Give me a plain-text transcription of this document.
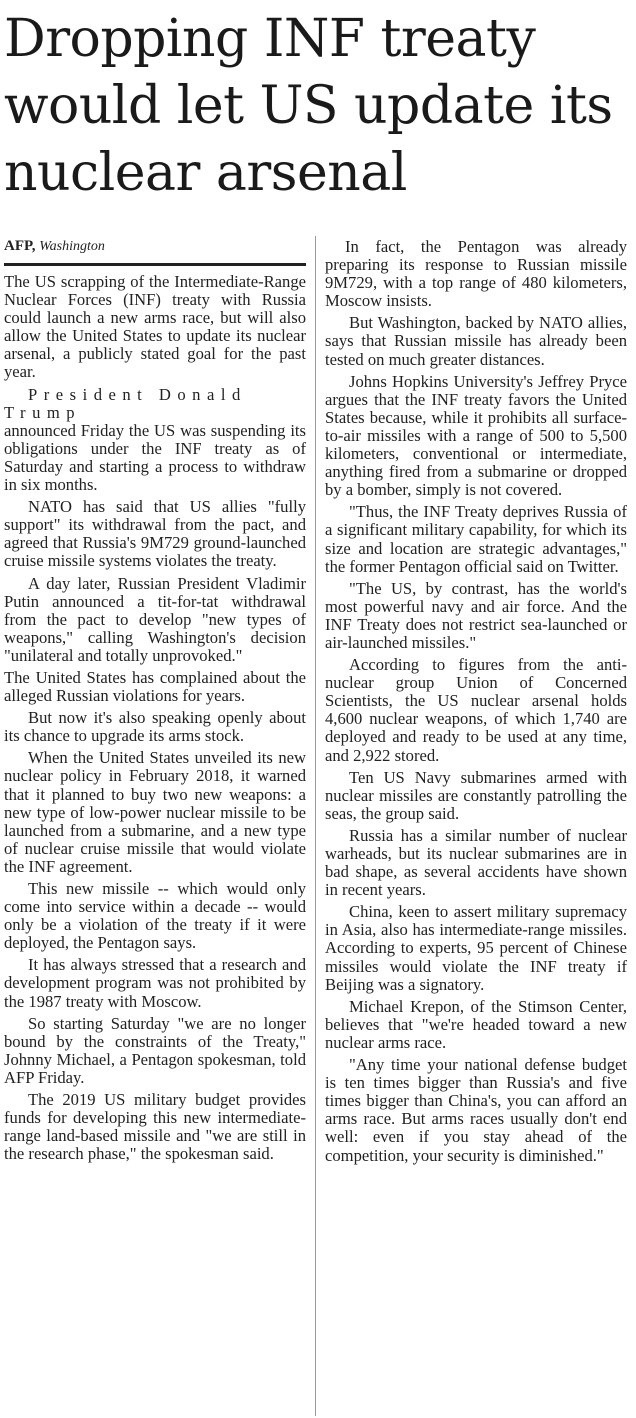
Dropping INF treaty would let US update its nuclear arsenal
AFP, Washington

The US scrapping of the Intermediate-Range Nuclear Forces (INF) treaty with Russia could launch a new arms race, but will also allow the United States to update its nuclear arsenal, a publicly stated goal for the past year.

President Donald Trump

announced Friday the US was suspending its obligations under the INF treaty as of Saturday and starting a process to withdraw in six months.

NATO has said that US allies "fully support" its withdrawal from the pact, and agreed that Russia's 9M729 ground-launched cruise missile systems violates the treaty.

A day later, Russian President Vladimir Putin announced a tit-for-tat withdrawal from the pact to develop "new types of weapons," calling Washington's decision "unilateral and totally unprovoked."

The United States has complained about the alleged Russian violations for years.

But now it's also speaking openly about its chance to upgrade its arms stock.

When the United States unveiled its new nuclear policy in February 2018, it warned that it planned to buy two new weapons: a new type of low-power nuclear missile to be launched from a submarine, and a new type of nuclear cruise missile that would violate the INF agreement.

This new missile -- which would only come into service within a decade -- would only be a violation of the treaty if it were deployed, the Pentagon says.

It has always stressed that a research and development program was not prohibited by the 1987 treaty with Moscow.

So starting Saturday "we are no longer bound by the constraints of the Treaty," Johnny Michael, a Pentagon spokesman, told AFP Friday.

The 2019 US military budget provides funds for developing this new intermediate-range land-based missile and "we are still in the research phase," the spokesman said.

In fact, the Pentagon was already preparing its response to Russian missile 9M729, with a top range of 480 kilometers, Moscow insists.

But Washington, backed by NATO allies, says that Russian missile has already been tested on much greater distances.

Johns Hopkins University's Jeffrey Pryce argues that the INF treaty favors the United States because, while it prohibits all surface-to-air missiles with a range of 500 to 5,500 kilometers, conventional or intermediate, anything fired from a submarine or dropped by a bomber, simply is not covered.

"Thus, the INF Treaty deprives Russia of a significant military capability, for which its size and location are strategic advantages," the former Pentagon official said on Twitter.

"The US, by contrast, has the world's most powerful navy and air force. And the INF Treaty does not restrict sea-launched or air-launched missiles."

According to figures from the anti-nuclear group Union of Concerned Scientists, the US nuclear arsenal holds 4,600 nuclear weapons, of which 1,740 are deployed and ready to be used at any time, and 2,922 stored.

Ten US Navy submarines armed with nuclear missiles are constantly patrolling the seas, the group said.

Russia has a similar number of nuclear warheads, but its nuclear submarines are in bad shape, as several accidents have shown in recent years.

China, keen to assert military supremacy in Asia, also has intermediate-range missiles. According to experts, 95 percent of Chinese missiles would violate the INF treaty if Beijing was a signatory.

Michael Krepon, of the Stimson Center, believes that "we're headed toward a new nuclear arms race.

"Any time your national defense budget is ten times bigger than Russia's and five times bigger than China's, you can afford an arms race. But arms races usually don't end well: even if you stay ahead of the competition, your security is diminished."
